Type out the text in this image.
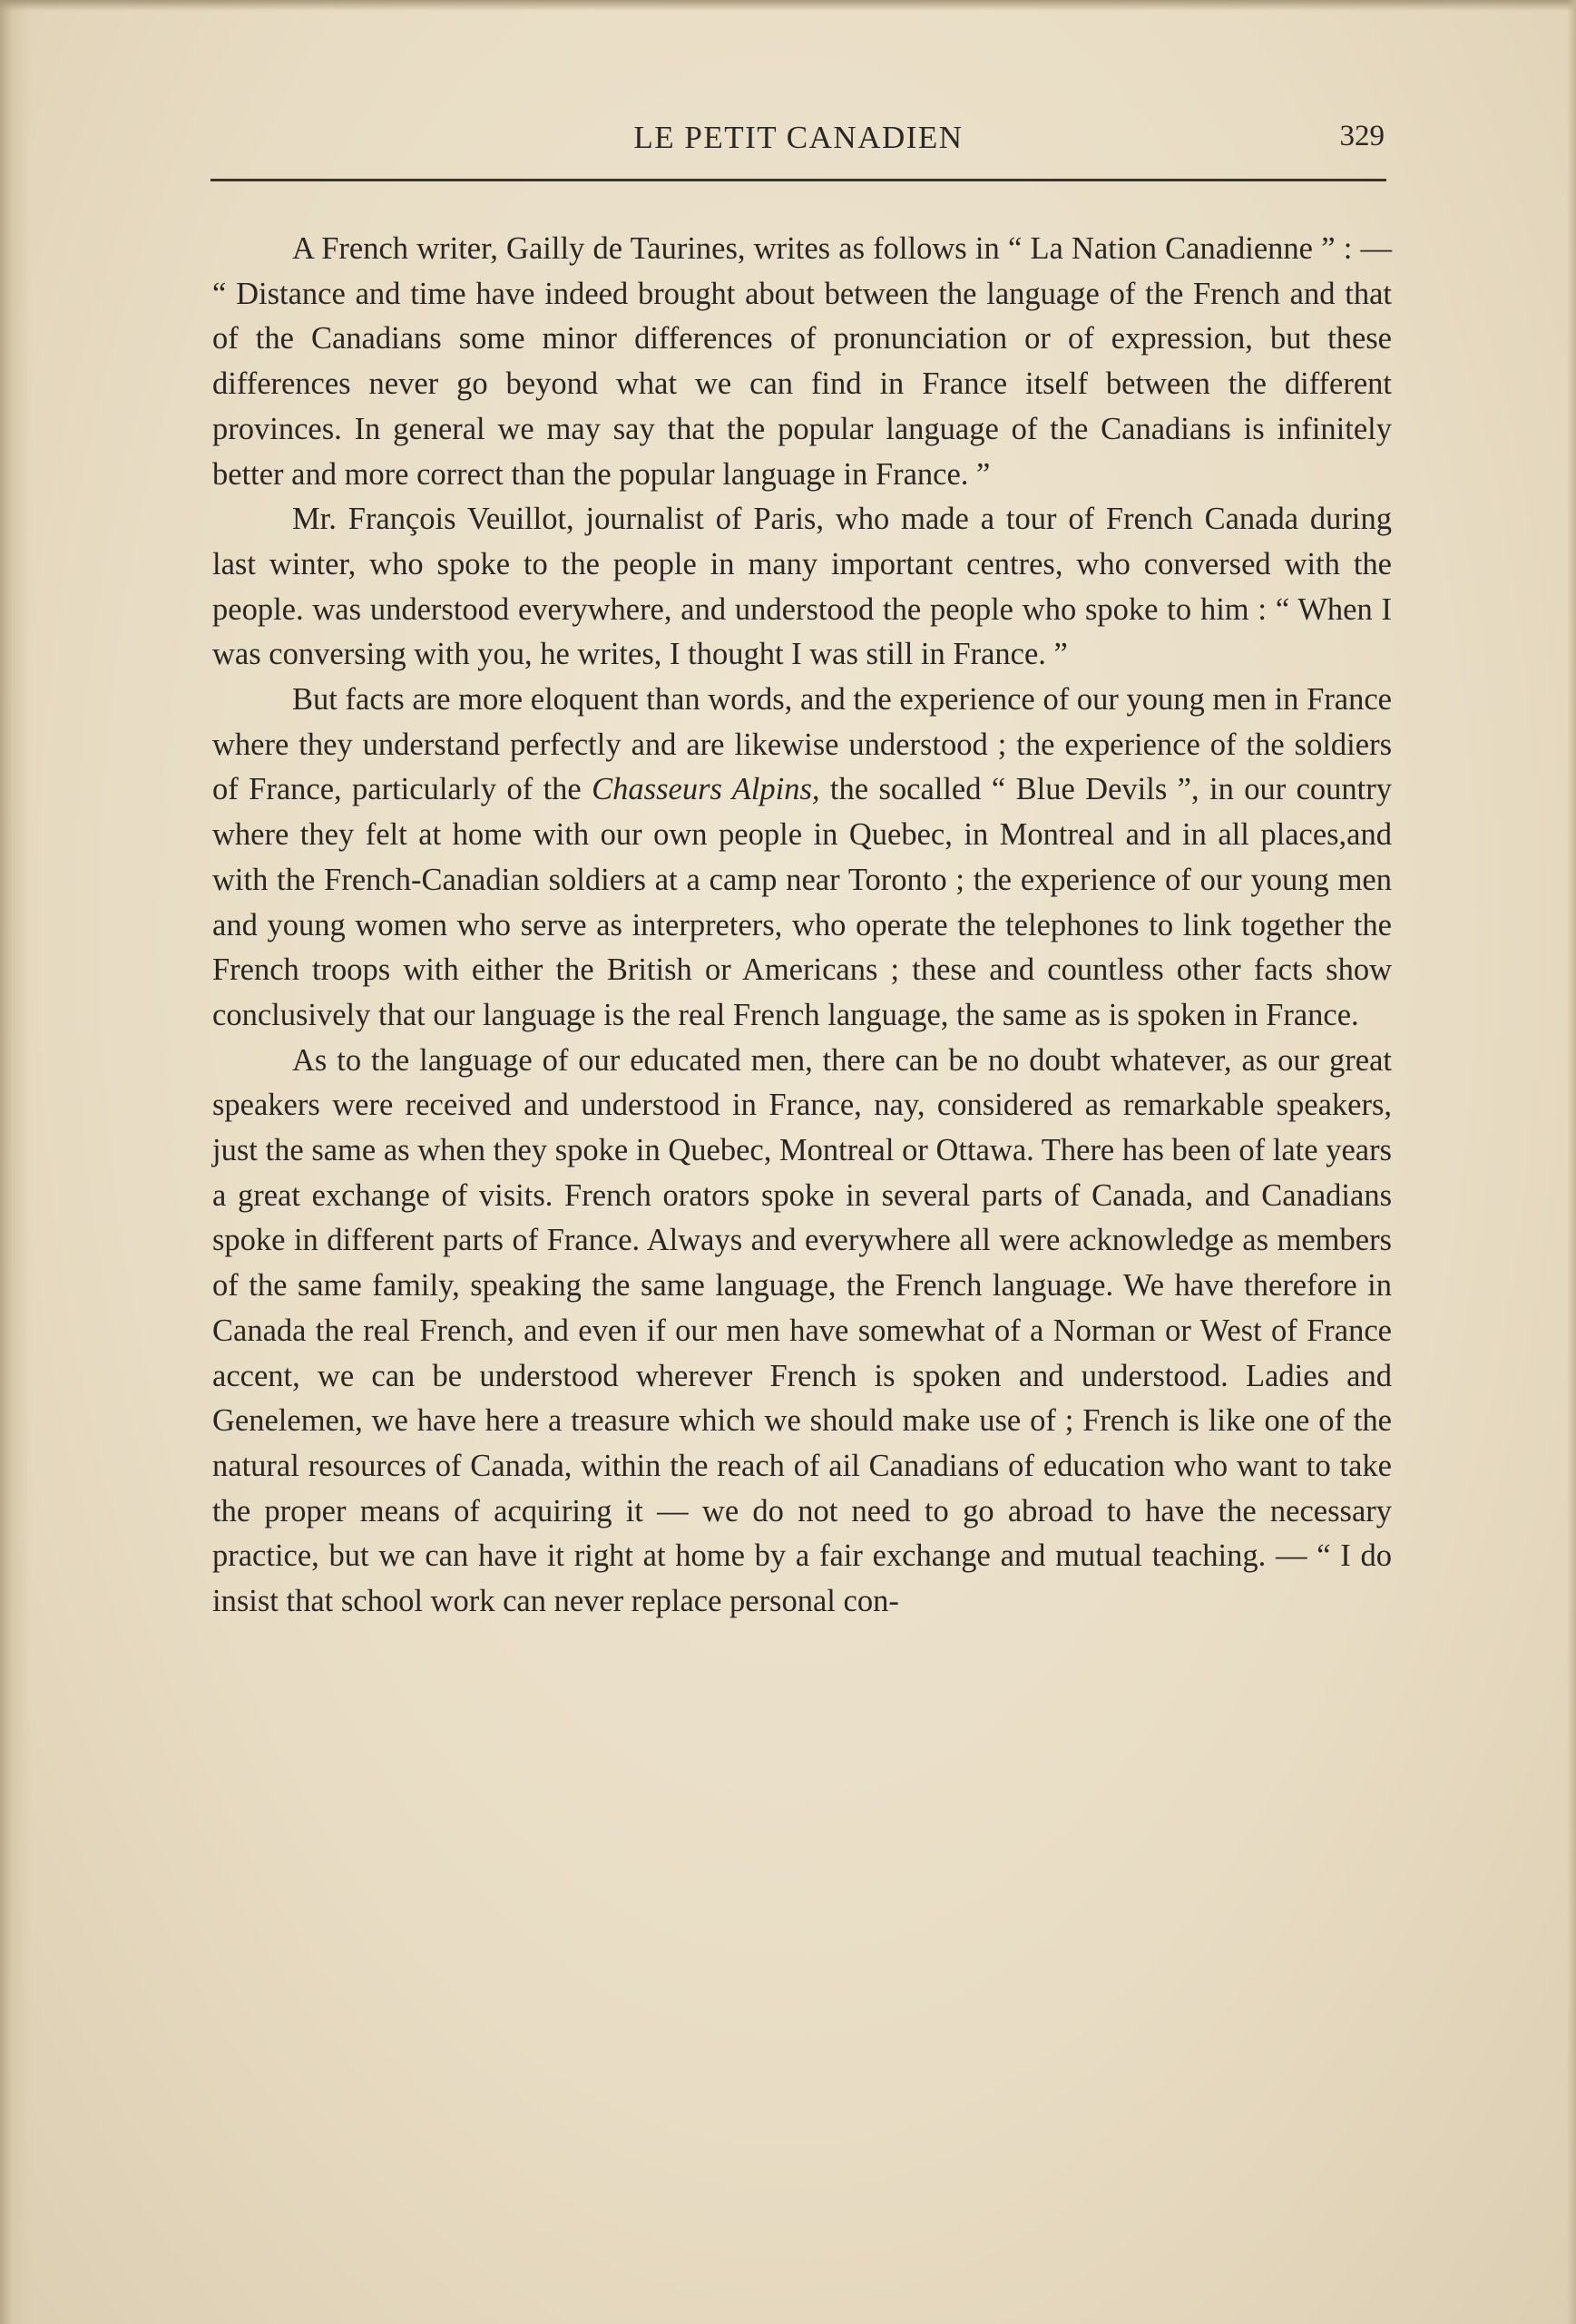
LE PETIT CANADIEN	329

A French writer, Gailly de Taurines, writes as follows in “ La Nation Canadienne ” : — “ Distance and time have indeed brought about between the language of the French and that of the Canadians some minor differences of pronunciation or of expression, but these differences never go beyond what we can find in France itself between the different provinces. In general we may say that the popular language of the Canadians is infinitely better and more correct than the popular language in France. ”

Mr. François Veuillot, journalist of Paris, who made a tour of French Canada during last winter, who spoke to the people in many important centres, who conversed with the people. was understood everywhere, and understood the people who spoke to him : “ When I was conversing with you, he writes, I thought I was still in France. ”

But facts are more eloquent than words, and the experience of our young men in France where they understand perfectly and are likewise understood ; the experience of the soldiers of France, particularly of the Chasseurs Alpins, the socalled “ Blue Devils ”, in our country where they felt at home with our own people in Quebec, in Montreal and in all places,and with the French-Canadian soldiers at a camp near Toronto ; the experience of our young men and young women who serve as interpreters, who operate the telephones to link together the French troops with either the British or Americans ; these and countless other facts show conclusively that our language is the real French language, the same as is spoken in France.

As to the language of our educated men, there can be no doubt whatever, as our great speakers were received and understood in France, nay, considered as remarkable speakers, just the same as when they spoke in Quebec, Montreal or Ottawa. There has been of late years a great exchange of visits. French orators spoke in several parts of Canada, and Canadians spoke in different parts of France. Always and everywhere all were acknowledge as members of the same family, speaking the same language, the French language. We have therefore in Canada the real French, and even if our men have somewhat of a Norman or West of France accent, we can be understood wherever French is spoken and understood. Ladies and Genelemen, we have here a treasure which we should make use of ; French is like one of the natural resources of Canada, within the reach of ail Canadians of education who want to take the proper means of acquiring it — we do not need to go abroad to have the necessary practice, but we can have it right at home by a fair exchange and mutual teaching. — “ I do insist that school work can never replace personal con-
